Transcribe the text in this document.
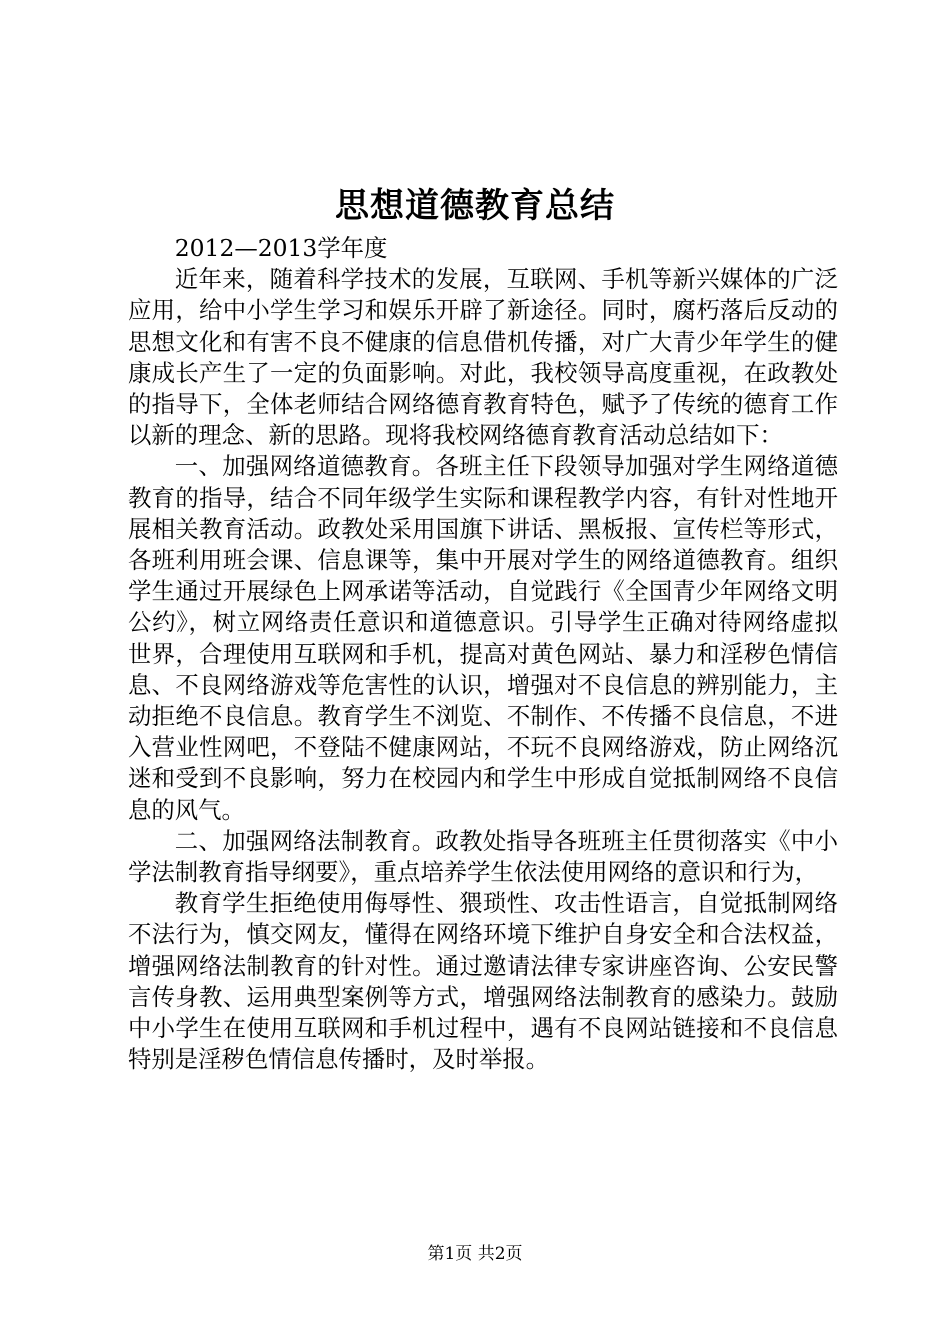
思想道德教育总结

2012—2013学年度

近年来，随着科学技术的发展，互联网、手机等新兴媒体的广泛应用，给中小学生学习和娱乐开辟了新途径。同时，腐朽落后反动的思想文化和有害不良不健康的信息借机传播，对广大青少年学生的健康成长产生了一定的负面影响。对此，我校领导高度重视，在政教处的指导下，全体老师结合网络德育教育特色，赋予了传统的德育工作以新的理念、新的思路。现将我校网络德育教育活动总结如下：

一、加强网络道德教育。各班主任下段领导加强对学生网络道德教育的指导，结合不同年级学生实际和课程教学内容，有针对性地开展相关教育活动。政教处采用国旗下讲话、黑板报、宣传栏等形式，各班利用班会课、信息课等，集中开展对学生的网络道德教育。组织学生通过开展绿色上网承诺等活动，自觉践行《全国青少年网络文明公约》，树立网络责任意识和道德意识。引导学生正确对待网络虚拟世界，合理使用互联网和手机，提高对黄色网站、暴力和淫秽色情信息、不良网络游戏等危害性的认识，增强对不良信息的辨别能力，主动拒绝不良信息。教育学生不浏览、不制作、不传播不良信息，不进入营业性网吧，不登陆不健康网站，不玩不良网络游戏，防止网络沉迷和受到不良影响，努力在校园内和学生中形成自觉抵制网络不良信息的风气。

二、加强网络法制教育。政教处指导各班班主任贯彻落实《中小学法制教育指导纲要》，重点培养学生依法使用网络的意识和行为，

教育学生拒绝使用侮辱性、猥琐性、攻击性语言，自觉抵制网络不法行为，慎交网友，懂得在网络环境下维护自身安全和合法权益，增强网络法制教育的针对性。通过邀请法律专家讲座咨询、公安民警言传身教、运用典型案例等方式，增强网络法制教育的感染力。鼓励中小学生在使用互联网和手机过程中，遇有不良网站链接和不良信息特别是淫秽色情信息传播时，及时举报。

第1页 共2页
